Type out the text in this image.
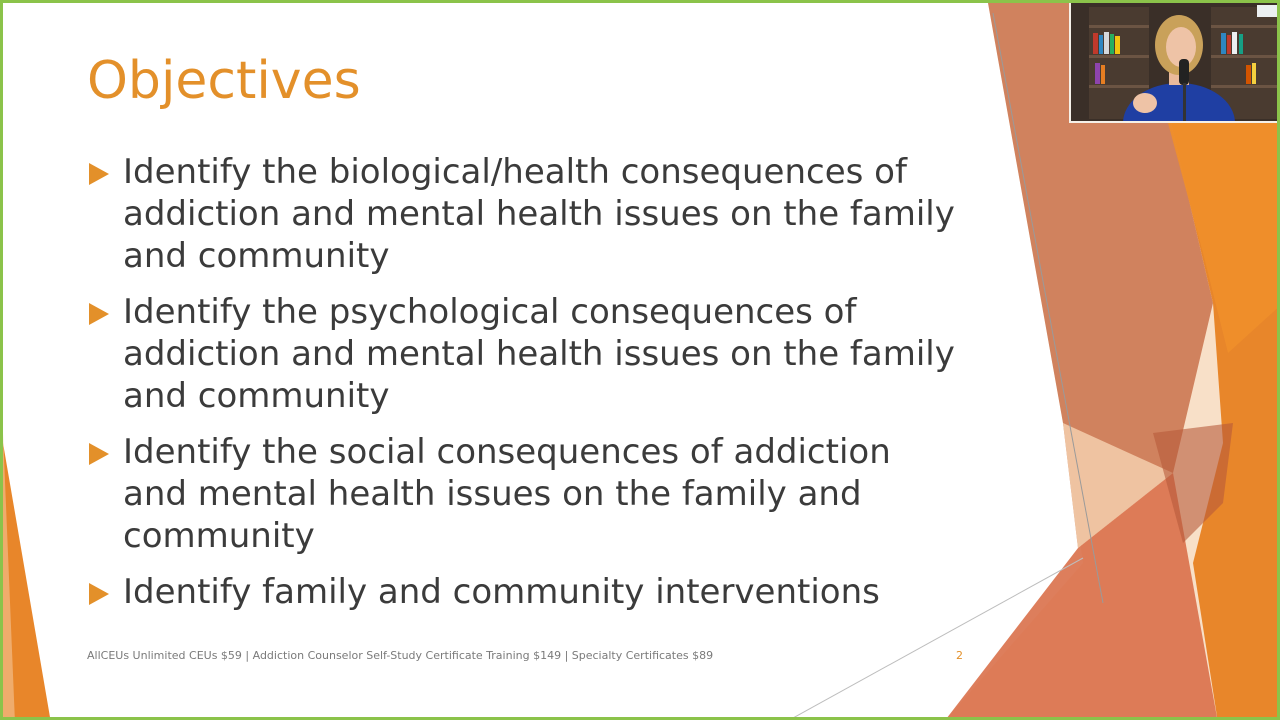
Objectives
Identify the biological/health consequences of addiction and mental health issues on the family and community
Identify the psychological consequences of addiction and mental health issues on the family and community
Identify the social consequences of addiction and mental health issues on the family and community
Identify family and community interventions
AllCEUs Unlimited CEUs $59 | Addiction Counselor Self-Study Certificate Training $149 | Specialty Certificates $89	2
